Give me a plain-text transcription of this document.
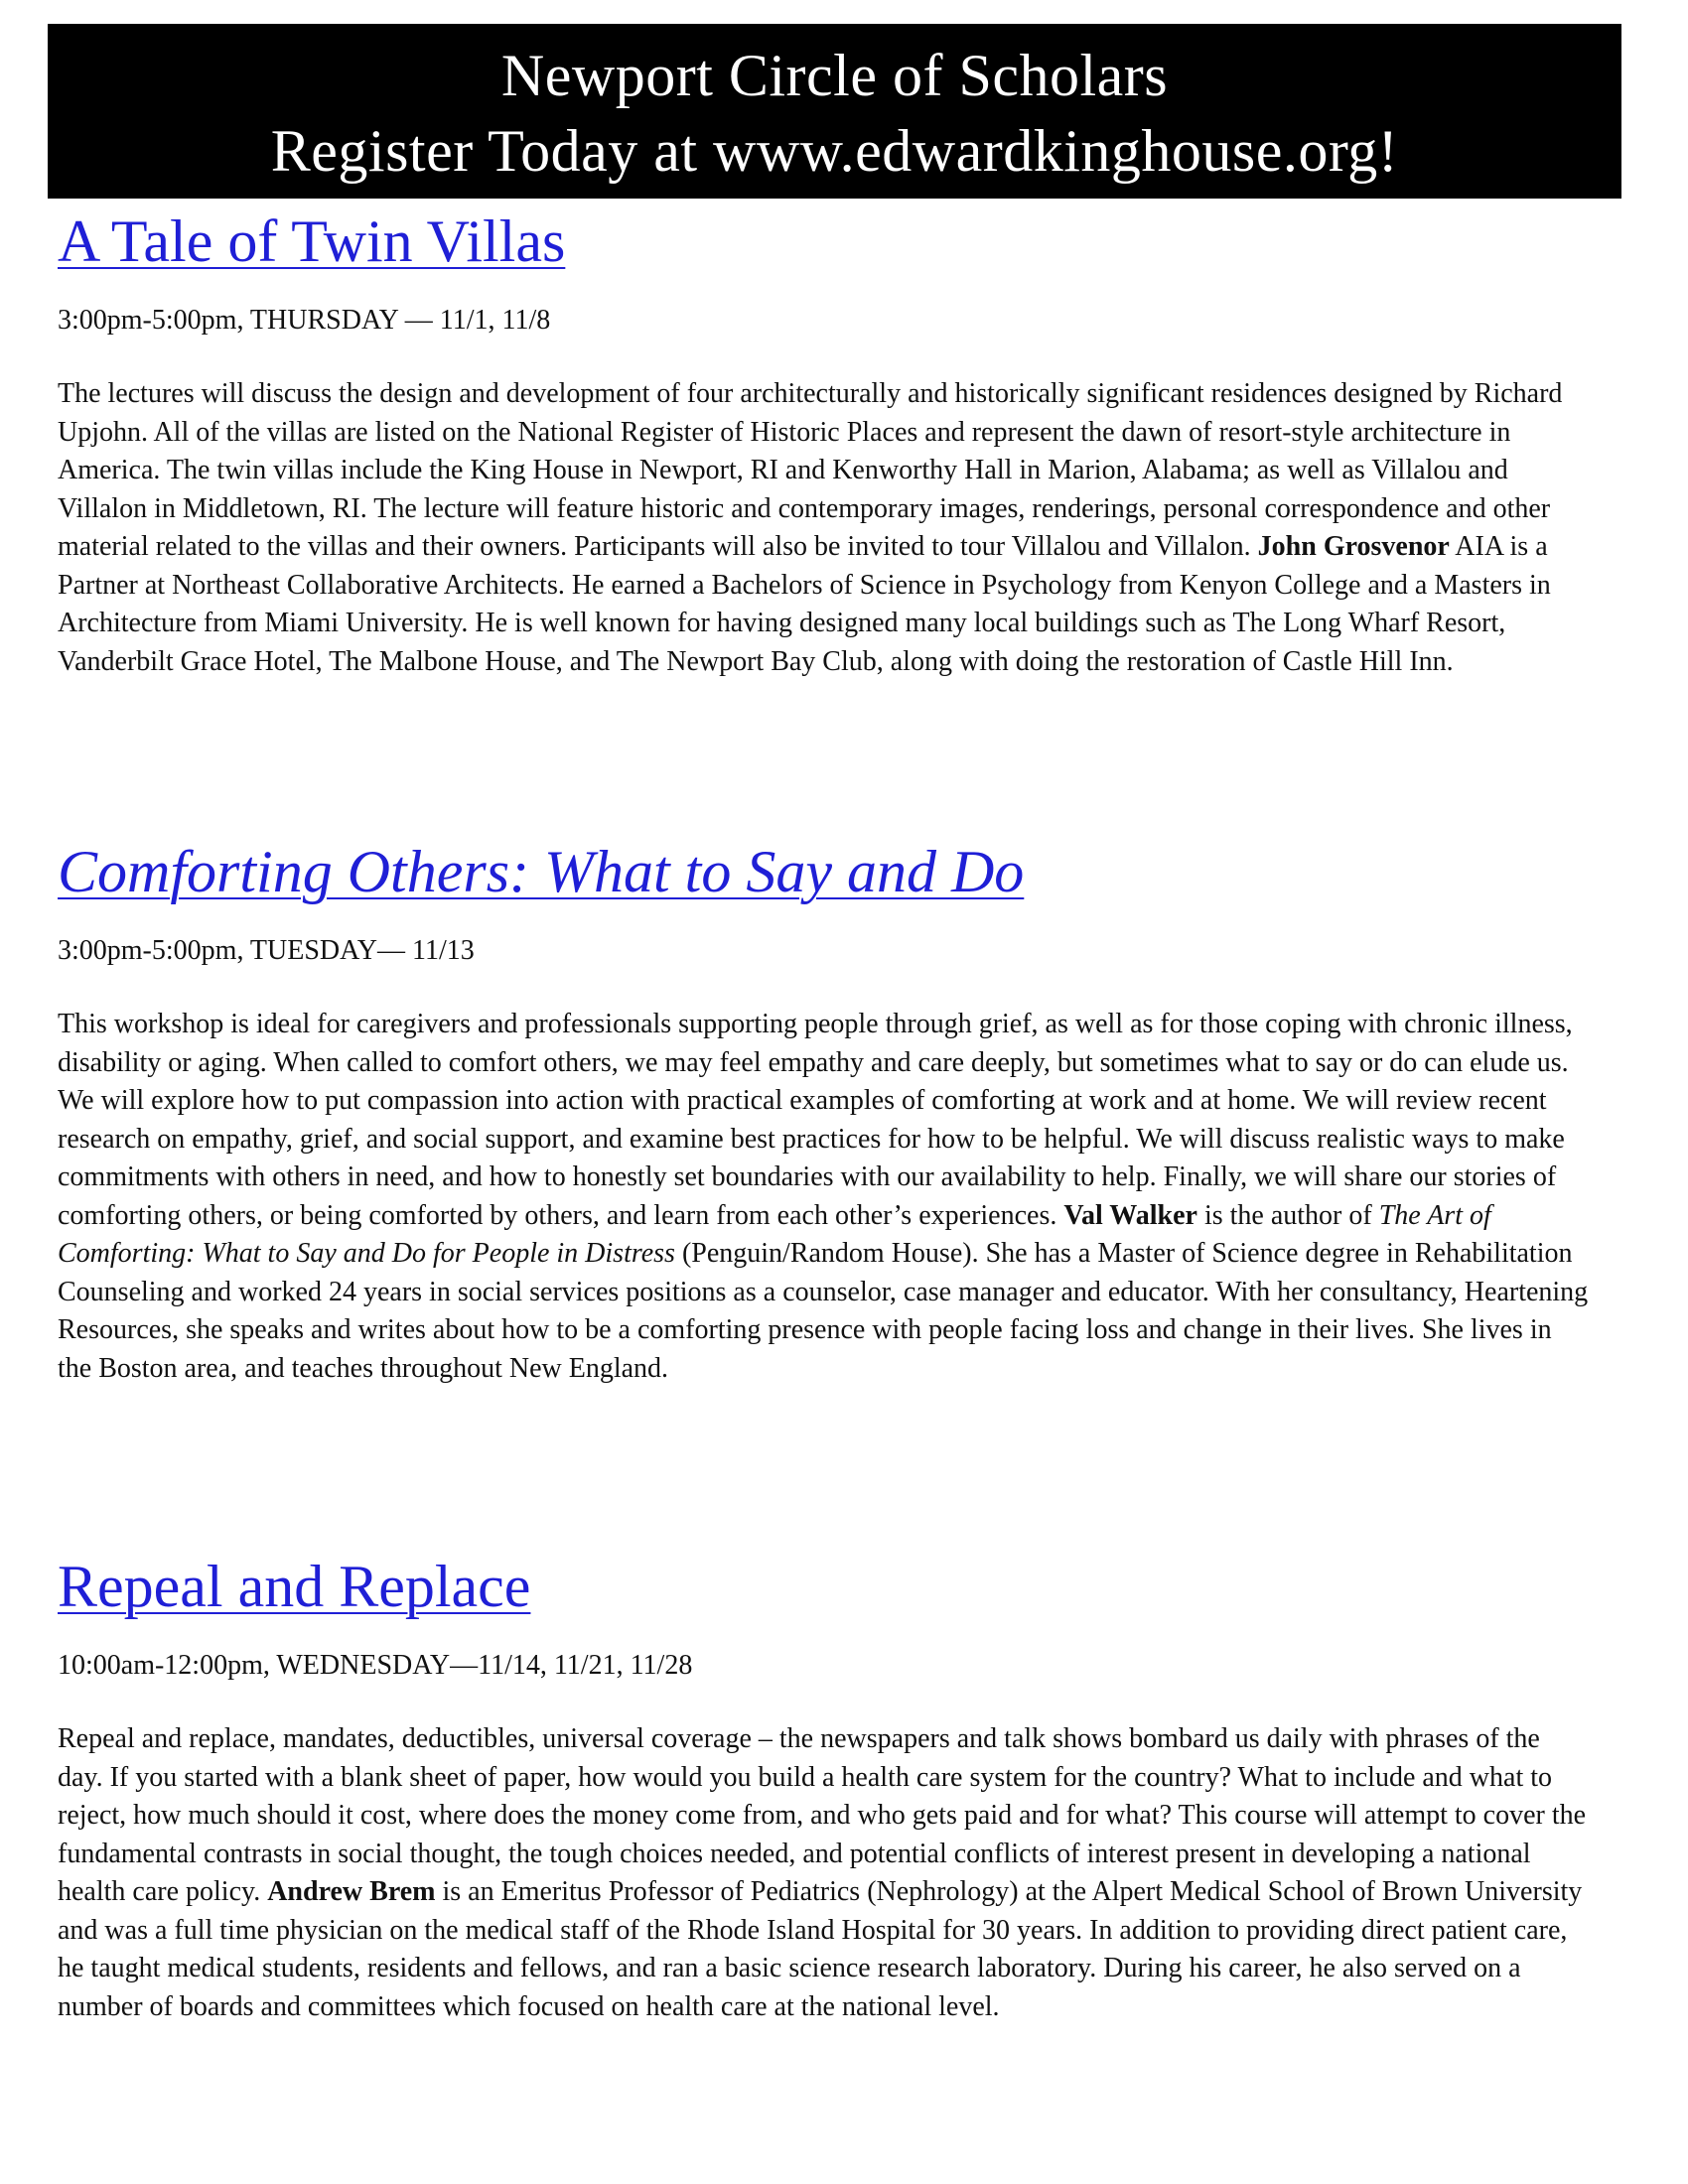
Newport Circle of Scholars
Register Today at www.edwardkinghouse.org!
A Tale of Twin Villas
3:00pm-5:00pm, THURSDAY — 11/1, 11/8
The lectures will discuss the design and development of four architecturally and historically significant residences designed by Richard Upjohn. All of the villas are listed on the National Register of Historic Places and represent the dawn of resort-style architecture in America. The twin villas include the King House in Newport, RI and Kenworthy Hall in Marion, Alabama; as well as Villalou and Villalon in Middletown, RI. The lecture will feature historic and contemporary images, renderings, personal correspondence and other material related to the villas and their owners. Participants will also be invited to tour Villalou and Villalon. John Grosvenor AIA is a Partner at Northeast Collaborative Architects. He earned a Bachelors of Science in Psychology from Kenyon College and a Masters in Architecture from Miami University. He is well known for having designed many local buildings such as The Long Wharf Resort, Vanderbilt Grace Hotel, The Malbone House, and The Newport Bay Club, along with doing the restoration of Castle Hill Inn.
Comforting Others: What to Say and Do
3:00pm-5:00pm, TUESDAY— 11/13
This workshop is ideal for caregivers and professionals supporting people through grief, as well as for those coping with chronic illness, disability or aging. When called to comfort others, we may feel empathy and care deeply, but sometimes what to say or do can elude us. We will explore how to put compassion into action with practical examples of comforting at work and at home. We will review recent research on empathy, grief, and social support, and examine best practices for how to be helpful. We will discuss realistic ways to make commitments with others in need, and how to honestly set boundaries with our availability to help. Finally, we will share our stories of comforting others, or being comforted by others, and learn from each other’s experiences. Val Walker is the author of The Art of Comforting: What to Say and Do for People in Distress (Penguin/Random House). She has a Master of Science degree in Rehabilitation Counseling and worked 24 years in social services positions as a counselor, case manager and educator. With her consultancy, Heartening Resources, she speaks and writes about how to be a comforting presence with people facing loss and change in their lives. She lives in the Boston area, and teaches throughout New England.
Repeal and Replace
10:00am-12:00pm, WEDNESDAY—11/14, 11/21, 11/28
Repeal and replace, mandates, deductibles, universal coverage – the newspapers and talk shows bombard us daily with phrases of the day. If you started with a blank sheet of paper, how would you build a health care system for the country? What to include and what to reject, how much should it cost, where does the money come from, and who gets paid and for what? This course will attempt to cover the fundamental contrasts in social thought, the tough choices needed, and potential conflicts of interest present in developing a national health care policy. Andrew Brem is an Emeritus Professor of Pediatrics (Nephrology) at the Alpert Medical School of Brown University and was a full time physician on the medical staff of the Rhode Island Hospital for 30 years. In addition to providing direct patient care, he taught medical students, residents and fellows, and ran a basic science research laboratory. During his career, he also served on a number of boards and committees which focused on health care at the national level.
